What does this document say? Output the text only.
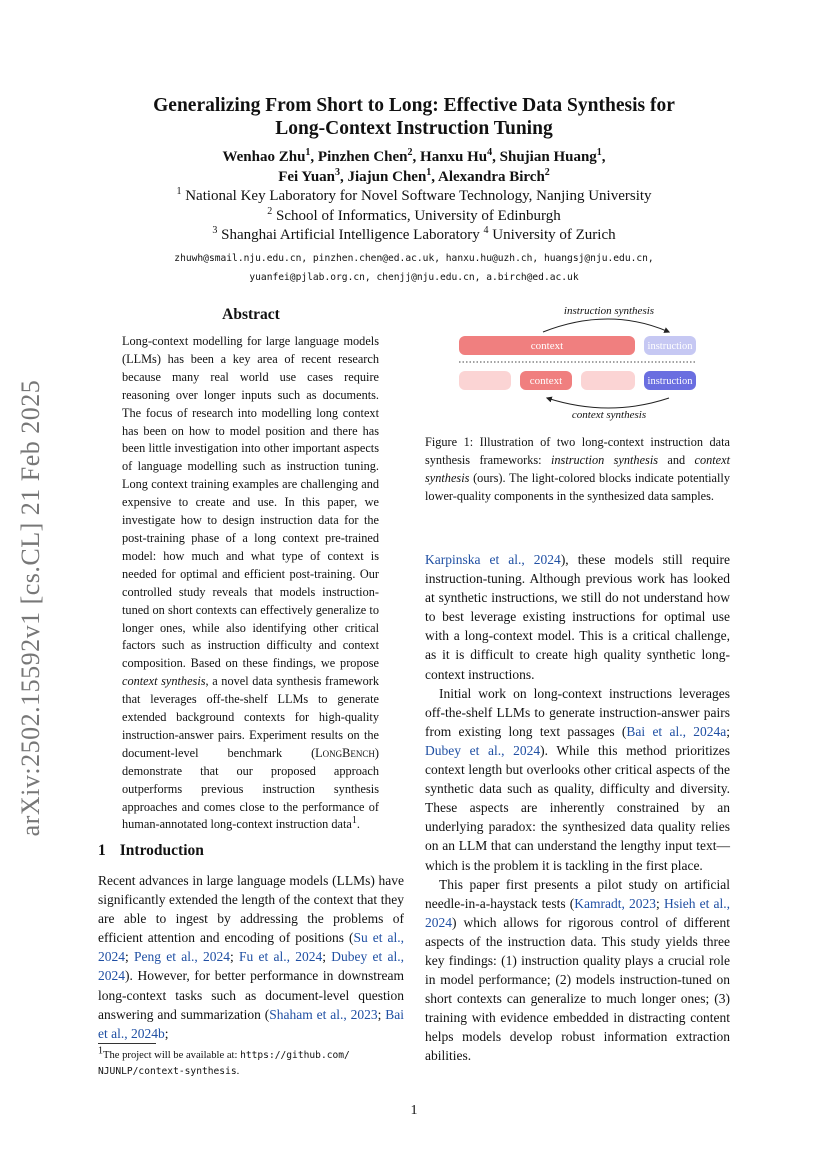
Generalizing From Short to Long: Effective Data Synthesis for
Long-Context Instruction Tuning
Wenhao Zhu$^1$, Pinzhen Chen$^2$, Hanxu Hu$^4$, Shujian Huang$^1$,
Fei Yuan$^3$, Jiajun Chen$^1$, Alexandra Birch$^2$
$^1$ National Key Laboratory for Novel Software Technology, Nanjing University
$^2$ School of Informatics, University of Edinburgh
$^3$ Shanghai Artificial Intelligence Laboratory $^4$ University of Zurich
zhuwh@smail.nju.edu.cn, pinzhen.chen@ed.ac.uk, hanxu.hu@uzh.ch, huangsj@nju.edu.cn,
yuanfei@pjlab.org.cn, chenjj@nju.edu.cn, a.birch@ed.ac.uk
arXiv:2502.15592v1 [cs.CL] 21 Feb 2025
Abstract

Long-context modelling for large language models (LLMs) has been a key area of recent research because many real world use cases require reasoning over longer inputs such as documents. The focus of research into modelling long context has been on how to model position and there has been little investigation into other important aspects of language modelling such as instruction tuning. Long context training examples are challenging and expensive to create and use. In this paper, we investigate how to design instruction data for the post-training phase of a long context pre-trained model: how much and what type of context is needed for optimal and efficient post-training. Our controlled study reveals that models instruction-tuned on short contexts can effectively generalize to longer ones, while also identifying other critical factors such as instruction difficulty and context composition. Based on these findings, we propose context synthesis, a novel data synthesis framework that leverages off-the-shelf LLMs to generate extended background contexts for high-quality instruction-answer pairs. Experiment results on the document-level benchmark (LongBench) demonstrate that our proposed approach outperforms previous instruction synthesis approaches and comes close to the performance of human-annotated long-context instruction data$^1$.

1 Introduction

Recent advances in large language models (LLMs) have significantly extended the length of the context that they are able to ingest by addressing the problems of efficient attention and encoding of positions (Su et al., 2024; Peng et al., 2024; Fu et al., 2024; Dubey et al., 2024). However, for better performance in downstream long-context tasks such as document-level question answering and summarization (Shaham et al., 2023; Bai et al., 2024b;

$^1$The project will be available at: https://github.com/
NJUNLP/context-synthesis.
instruction synthesis
context	instruction
context	instruction
context synthesis
Figure 1: Illustration of two long-context instruction data synthesis frameworks: instruction synthesis and context synthesis (ours). The light-colored blocks indicate potentially lower-quality components in the synthesized data samples.

Karpinska et al., 2024), these models still require instruction-tuning. Although previous work has looked at synthetic instructions, we still do not understand how to best leverage existing instructions for optimal use with a long-context model. This is a critical challenge, as it is difficult to create high quality synthetic long-context instructions.

Initial work on long-context instructions leverages off-the-shelf LLMs to generate instruction-answer pairs from existing long text passages (Bai et al., 2024a; Dubey et al., 2024). While this method prioritizes context length but overlooks other critical aspects of the synthetic data such as quality, difficulty and diversity. These aspects are inherently constrained by an underlying paradox: the synthesized data quality relies on an LLM that can understand the lengthy input text—which is the problem it is tackling in the first place.

This paper first presents a pilot study on artificial needle-in-a-haystack tests (Kamradt, 2023; Hsieh et al., 2024) which allows for rigorous control of different aspects of the instruction data. This study yields three key findings: (1) instruction quality plays a crucial role in model performance; (2) models instruction-tuned on short contexts can generalize to much longer ones; (3) training with evidence embedded in distracting content helps models develop robust information extraction abilities.

1
